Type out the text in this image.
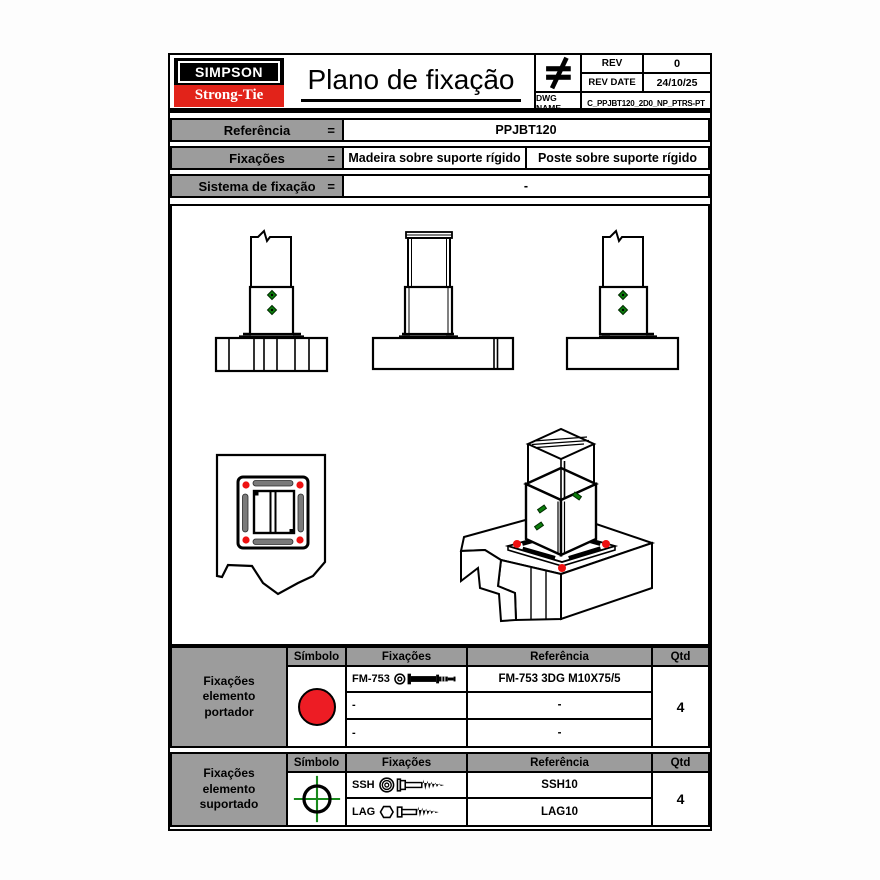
SIMPSON
Strong-Tie	Plano de fixação
REV	0
REV DATE	24/10/25
DWG NAME	C_PPJBT120_2D0_NP_PTRS-PT
Referência	=	PPJBT120
Fixações	=	Madeira sobre suporte rígido	Poste sobre suporte rígido
Sistema de fixação =	-
Fixações elemento portador
Símbolo	Fixações	Referência	Qtd
FM-753	FM-753 3DG M10X75/5
4
-	-
-	-
Fixações elemento suportado
Símbolo	Fixações	Referência	Qtd
SSH	SSH10
4
LAG	LAG10
